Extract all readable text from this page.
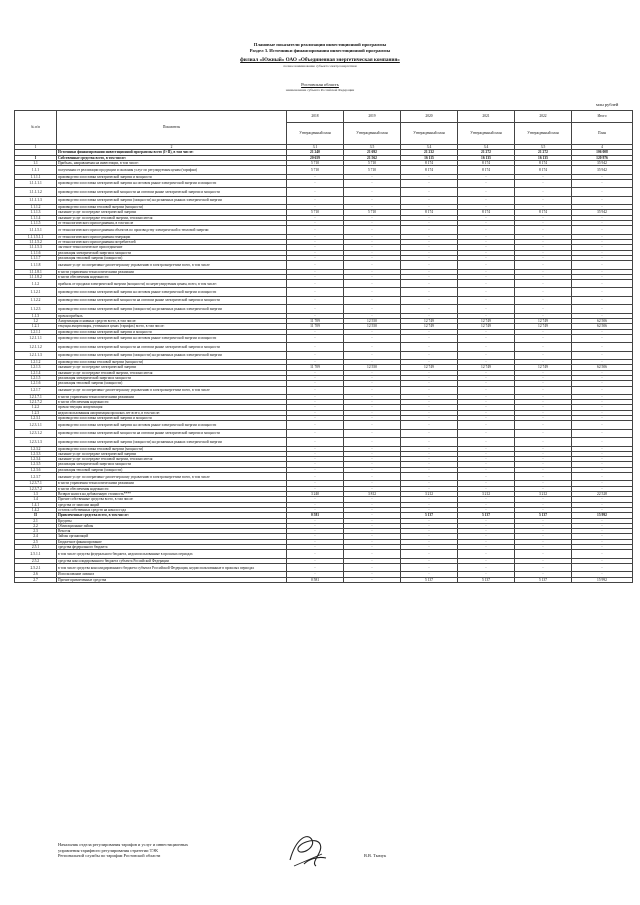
Плановые показатели реализации инвестиционной программы
Раздел 3. Источники финансирования инвестиционной программы
филиал «Южный» ОАО «Объединенная энергетическая компания»
полное наименование субъекта электроэнергетики
Ростовская область
наименование субъекта Российской Федерации
млн рублей
№ п/п	Показатель	2018	2019	2020	2021	2022	Итого
		Утвержденный план	Утвержденный план	Утвержденный план	Утвержденный план	Утвержденный план	План
1	2	3.1	3.5	3.4	3.4	3.5	4
	Источники финансирования инвестиционной программы всего (I+II), в том числе:	21 240	21 692	21 232	21 272	21 272	106 008
I	Собственные средства всего, в том числе:	20 659	21 562	16 115	16 135	16 135	120 976
1.1	Прибыль, направляемая на инвестиции, в том числе:	5 710	5 710	8 174	8 174	8 174	35 942
1.1.1	полученная от реализации продукции и оказания услуг по регулируемым ценам (тарифам)	5 710	5 710	8 174	8 174	8 174	35 942
1.1.1.1	производство и поставка электрической энергии и мощности	-	-	-	-	-	-
1.1.1.1.1	производство и поставка электрической энергии на оптовом рынке электрической энергии и мощности	-	-	-	-	-	-
1.1.1.1.2	производство и поставка электрической мощности на оптовом рынке электрической энергии и мощности	-	-	-	-	-	-
1.1.1.1.3	производство и поставка электрической энергии (мощности) на розничных рынках электрической энергии	-	-	-	-	-	-
1.1.1.2	производство и поставка тепловой энергии (мощности)	-	-	-	-	-	-
1.1.1.3	оказание услуг по передаче электрической энергии	5 710	5 710	8 174	8 174	8 174	35 942
1.1.1.4	оказание услуг по передаче тепловой энергии, теплоносителя	-	-	-	-	-	-
1.1.1.5	от технологического присоединения, в том числе	-	-	-	-	-	-
1.1.1.5.1	от технологического присоединения объектов по производству электрической и тепловой энергии	-	-	-	-	-	-
1.1.1.5.1.1	от технологического присоединения генерации	-	-	-	-	-	-
1.1.1.5.2	от технологического присоединения потребителей	-	-	-	-	-	-
1.1.1.5.3	льготное технологическое присоединение	-	-	-	-	-	-
1.1.1.6	реализация электрической энергии и мощности	-	-	-	-	-	-
1.1.1.7	реализация тепловой энергии (мощности)	-	-	-	-	-	-
1.1.1.8	оказание услуг по оперативно-диспетчерскому управлению в электроэнергетике всего, в том числе	-	-	-	-	-	-
1.1.1.8.1	в части управления технологическими режимами	-	-	-	-	-	-
1.1.1.8.2	в части обеспечения надежности	-	-	-	-	-	-
1.1.2	прибыль от продажи электрической энергии (мощности) по нерегулируемым ценам, всего, в том числе:	-	-	-	-	-	-
1.1.2.1	производство и поставка электрической энергии на оптовом рынке электрической энергии и мощности	-	-	-	-	-	-
1.1.2.2	производство и поставка электрической мощности на оптовом рынке электрической энергии и мощности	-	-	-	-	-	-
1.1.2.3	производство и поставка электрической энергии (мощности) на розничных рынках электрической энергии	-	-	-	-	-	-
1.1.3	прочая прибыль	-	-	-	-	-	-
1.2	Амортизация основных средств всего, в том числе:	11 709	12 550	12 749	12 749	12 749	62 506
1.2.1	текущая амортизация, учтенная в ценах (тарифах) всего, в том числе:	11 709	12 550	12 749	12 749	12 749	62 506
1.2.1.1	производство и поставка электрической энергии и мощности	-	-	-	-	-	-
1.2.1.1.1	производство и поставка электрической энергии на оптовом рынке электрической энергии и мощности	-	-	-	-	-	-
1.2.1.1.2	производство и поставка электрической мощности на оптовом рынке электрической энергии и мощности	-	-	-	-	-	-
1.2.1.1.3	производство и поставка электрической энергии (мощности) на розничных рынках электрической энергии	-	-	-	-	-	-
1.2.1.2	производство и поставка тепловой энергии (мощности)	-	-	-	-	-	-
1.2.1.3	оказание услуг по передаче электрической энергии	11 709	12 550	12 749	12 749	12 749	62 506
1.2.1.4	оказание услуг по передаче тепловой энергии, теплоносителя	-	-	-	-	-	-
1.2.1.5	реализация электрической энергии и мощности	-	-	-	-	-	-
1.2.1.6	реализация тепловой энергии (мощности)	-	-	-	-	-	-
1.2.1.7	оказание услуг по оперативно-диспетчерскому управлению в электроэнергетике всего, в том числе	-	-	-	-	-	-
1.2.1.7.1	в части управления технологическими режимами	-	-	-	-	-	-
1.2.1.7.2	в части обеспечения надежности	-	-	-	-	-	-
1.2.2	прочая текущая амортизация	-	-	-	-	-	-
1.2.3	недоиспользованная амортизация прошлых лет всего, в том числе:	-	-	-	-	-	-
1.2.3.1	производство и поставка электрической энергии и мощности	-	-	-	-	-	-
1.2.3.1.1	производство и поставка электрической энергии на оптовом рынке электрической энергии и мощности	-	-	-	-	-	-
1.2.3.1.2	производство и поставка электрической мощности на оптовом рынке электрической энергии и мощности	-	-	-	-	-	-
1.2.3.1.3	производство и поставка электрической энергии (мощности) на розничных рынках электрической энергии	-	-	-	-	-	-
1.2.3.2	производство и поставка тепловой энергии (мощности)	-	-	-	-	-	-
1.2.3.3	оказание услуг по передаче электрической энергии	-	-	-	-	-	-
1.2.3.4	оказание услуг по передаче тепловой энергии, теплоносителя	-	-	-	-	-	-
1.2.3.5	реализация электрической энергии и мощности	-	-	-	-	-	-
1.2.3.6	реализация тепловой энергии (мощности)	-	-	-	-	-	-
1.2.3.7	оказание услуг по оперативно-диспетчерскому управлению в электроэнергетике всего, в том числе	-	-	-	-	-	-
1.2.3.7.1	в части управления технологическими режимами	-	-	-	-	-	-
1.2.3.7.2	в части обеспечения надежности	-	-	-	-	-	-
1.3	Возврат налога на добавленную стоимость****	3 240	3 812	3 212	3 212	3 212	22 528
1.4	Прочие собственные средства всего, в том числе:	-	-	-	-	-	-
1.4.1	средства от эмиссии акций	-	-	-	-	-	-
1.4.2	остаток собственных средств на начало года	-	-	-	-	-	-
II	Привлеченные средства всего, в том числе:	0 581	-	5 137	5 137	5 137	15 992
2.1	Кредиты	-	-	-	-	-	-
2.2	Облигационные займы	-	-	-	-	-	-
2.3	Векселя	-	-	-	-	-	-
2.4	Займы организаций	-	-	-	-	-	-
2.5	Бюджетное финансирование	-	-	-	-	-	-
2.5.1	средства федерального бюджета	-	-	-	-	-	-
2.5.1.1	в том числе средства федерального бюджета, недоиспользованные в прошлых периодах	-	-	-	-	-	-
2.5.2	средства консолидированного бюджета субъекта Российской Федерации	-	-	-	-	-	-
2.5.2.1	в том числе средства консолидированного бюджета субъекта Российской Федерации, недоиспользованные в прошлых периодах	-	-	-	-	-	-
2.6	Использование лизинга	-	-	-	-	-	-
2.7	Прочие привлеченные средства	0 581	-	5 137	5 137	5 137	15 992
Начальник отдела регулирования тарифов и услуг и инвестиционных
управления тарифного регулирования стратегии ТЭК
Региональной службы по тарифам Ростовской области	В.В. Ткачук
